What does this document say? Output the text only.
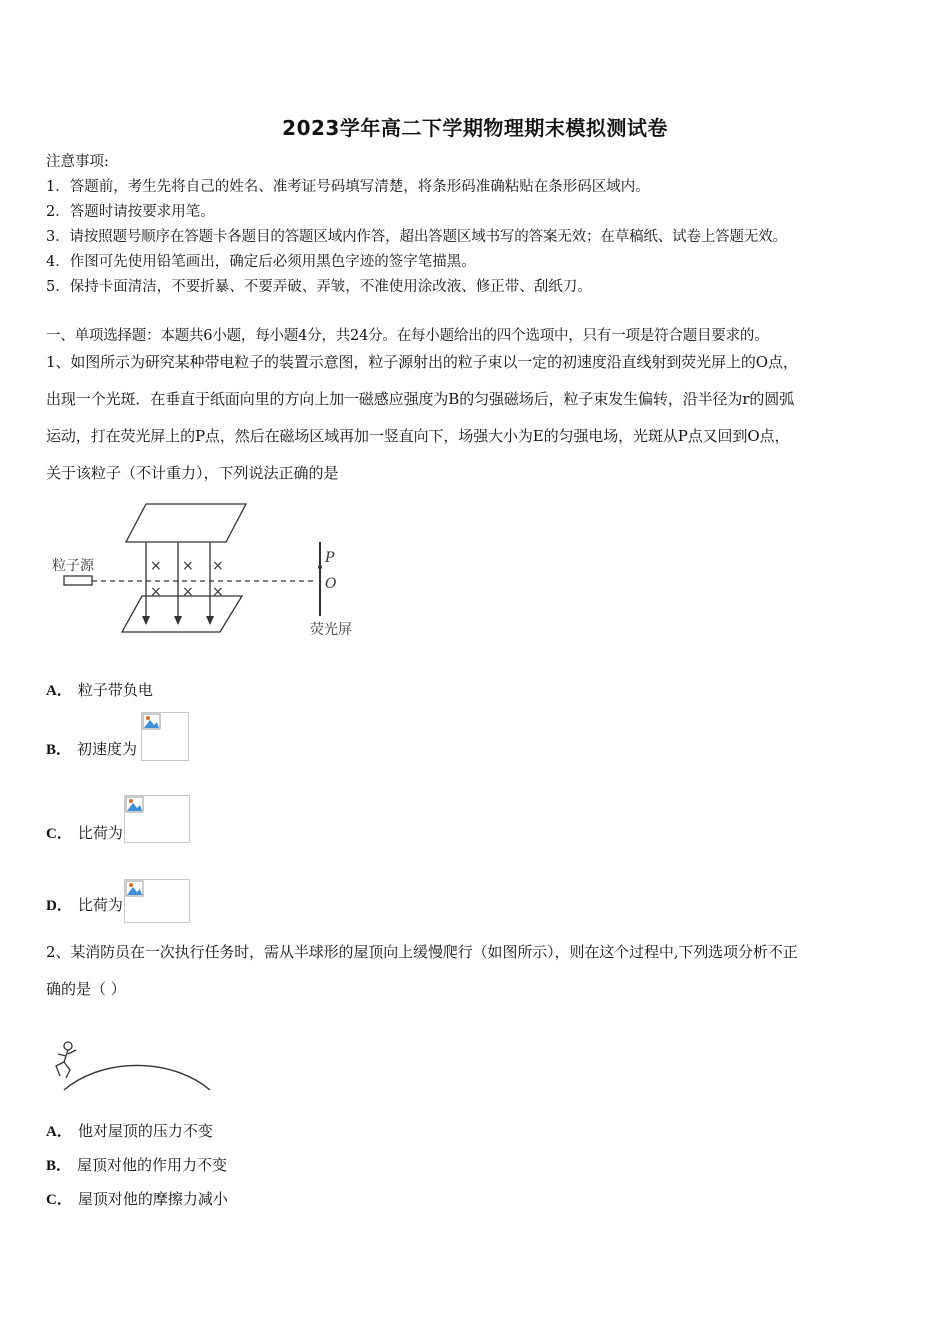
2023学年高二下学期物理期末模拟测试卷
注意事项:
1．答题前，考生先将自己的姓名、准考证号码填写清楚，将条形码准确粘贴在条形码区域内。
2．答题时请按要求用笔。
3．请按照题号顺序在答题卡各题目的答题区域内作答，超出答题区域书写的答案无效；在草稿纸、试卷上答题无效。
4．作图可先使用铅笔画出，确定后必须用黑色字迹的签字笔描黑。
5．保持卡面清洁，不要折暴、不要弄破、弄皱，不准使用涂改液、修正带、刮纸刀。
一、单项选择题：本题共6小题，每小题4分，共24分。在每小题给出的四个选项中，只有一项是符合题目要求的。
1、如图所示为研究某种带电粒子的装置示意图，粒子源射出的粒子束以一定的初速度沿直线射到荧光屏上的O点，
出现一个光斑．在垂直于纸面向里的方向上加一磁感应强度为B的匀强磁场后，粒子束发生偏转，沿半径为r的圆弧
运动，打在荧光屏上的P点，然后在磁场区域再加一竖直向下，场强大小为E的匀强电场，光斑从P点又回到O点，
关于该粒子（不计重力），下列说法正确的是
粒子源
荧光屏
P
O
× × ×
× × ×
A． 粒子带负电
B． 初速度为
C． 比荷为
D． 比荷为
2、某消防员在一次执行任务时，需从半球形的屋顶向上缓慢爬行（如图所示），则在这个过程中,下列选项分析不正
确的是（ ）
A． 他对屋顶的压力不变
B． 屋顶对他的作用力不变
C． 屋顶对他的摩擦力减小
